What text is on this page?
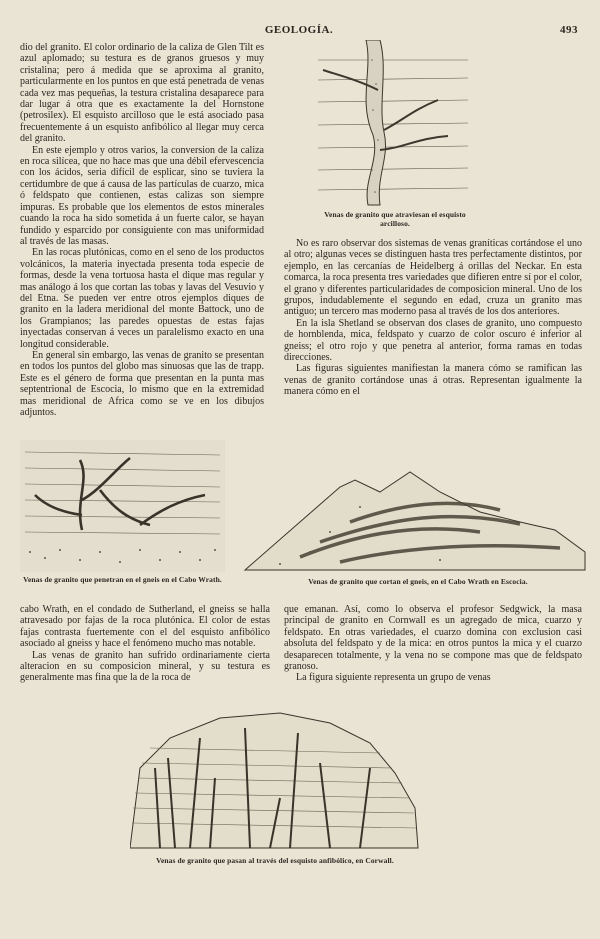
GEOLOGÍA.	493

dio del granito. El color ordinario de la caliza de Glen Tilt es azul aplomado; su testura es de granos gruesos y muy cristalina; pero á medida que se aproxima al granito, particularmente en los puntos en que está penetrada de venas cada vez mas pequeñas, la testura cristalina desaparece para dar lugar á otra que es exactamente la del Hornstone (petrosilex). El esquisto arcilloso que le está asociado pasa frecuentemente á un esquisto anfibólico al llegar muy cerca del granito.

En este ejemplo y otros varios, la conversion de la caliza en roca silícea, que no hace mas que una débil efervescencia con los ácidos, seria difícil de esplicar, sino se tuviera la certidumbre de que á causa de las partículas de cuarzo, mica ó feldspato que contienen, estas calizas son siempre impuras. Es probable que los elementos de estos minerales cuando la roca ha sido sometida á un fuerte calor, se hayan fundido y esparcido por consiguiente con mas uniformidad al través de las masas.

En las rocas plutónicas, como en el seno de los productos volcánicos, la materia inyectada presenta toda especie de formas, desde la vena tortuosa hasta el dique mas regular y mas análogo á los que cortan las tobas y lavas del Vesuvio y del Etna. Se pueden ver entre otros ejemplos diques de granito en la ladera meridional del monte Battock, uno de los Grampianos; las paredes opuestas de estas fajas inyectadas conservan á veces un paralelismo exacto en una longitud considerable.

En general sin embargo, las venas de granito se presentan en todos los puntos del globo mas sinuosas que las de trapp. Este es el género de forma que presentan en la punta mas septentrional de Escocia, lo mismo que en la extremidad mas meridional de Africa como se ve en los dibujos adjuntos.

Venas de granito que atraviesan el esquisto arcilloso.

No es raro observar dos sistemas de venas graníticas cortándose el uno al otro; algunas veces se distinguen hasta tres perfectamente distintos, por ejemplo, en las cercanías de Heidelberg á orillas del Neckar. En esta comarca, la roca presenta tres variedades que difieren entre sí por el color, el grano y diferentes particularidades de composicion mineral. Uno de los grupos, indudablemente el segundo en edad, cruza un granito mas antiguo; un tercero mas moderno pasa al través de los dos anteriores.

En la isla Shetland se observan dos clases de granito, uno compuesto de hornblenda, mica, feldspato y cuarzo de color oscuro é inferior al gneiss; el otro rojo y que penetra al anterior, forma ramas en todas direcciones.

Las figuras siguientes manifiestan la manera cómo se ramifican las venas de granito cortándose unas á otras. Representan igualmente la manera cómo en el

Venas de granito que penetran en el gneis en el Cabo Wrath.	Venas de granito que cortan el gneis, en el Cabo Wrath en Escocia.

cabo Wrath, en el condado de Sutherland, el gneiss se halla atravesado por fajas de la roca plutónica. El color de estas fajas contrasta fuertemente con el del esquisto anfibólico asociado al gneiss y hace el fenómeno mucho mas notable.

Las venas de granito han sufrido ordinariamente cierta alteracion en su composicion mineral, y su testura es generalmente mas fina que la de la roca de

que emanan. Así, como lo observa el profesor Sedgwick, la masa principal de granito en Cornwall es un agregado de mica, cuarzo y feldspato. En otras variedades, el cuarzo domina con exclusion casi absoluta del feldspato y de la mica: en otros puntos la mica y el cuarzo desaparecen totalmente, y la vena no se compone mas que de feldspato granoso.

La figura siguiente representa un grupo de venas

Venas de granito que pasan al través del esquisto anfibólico, en Corwall.
